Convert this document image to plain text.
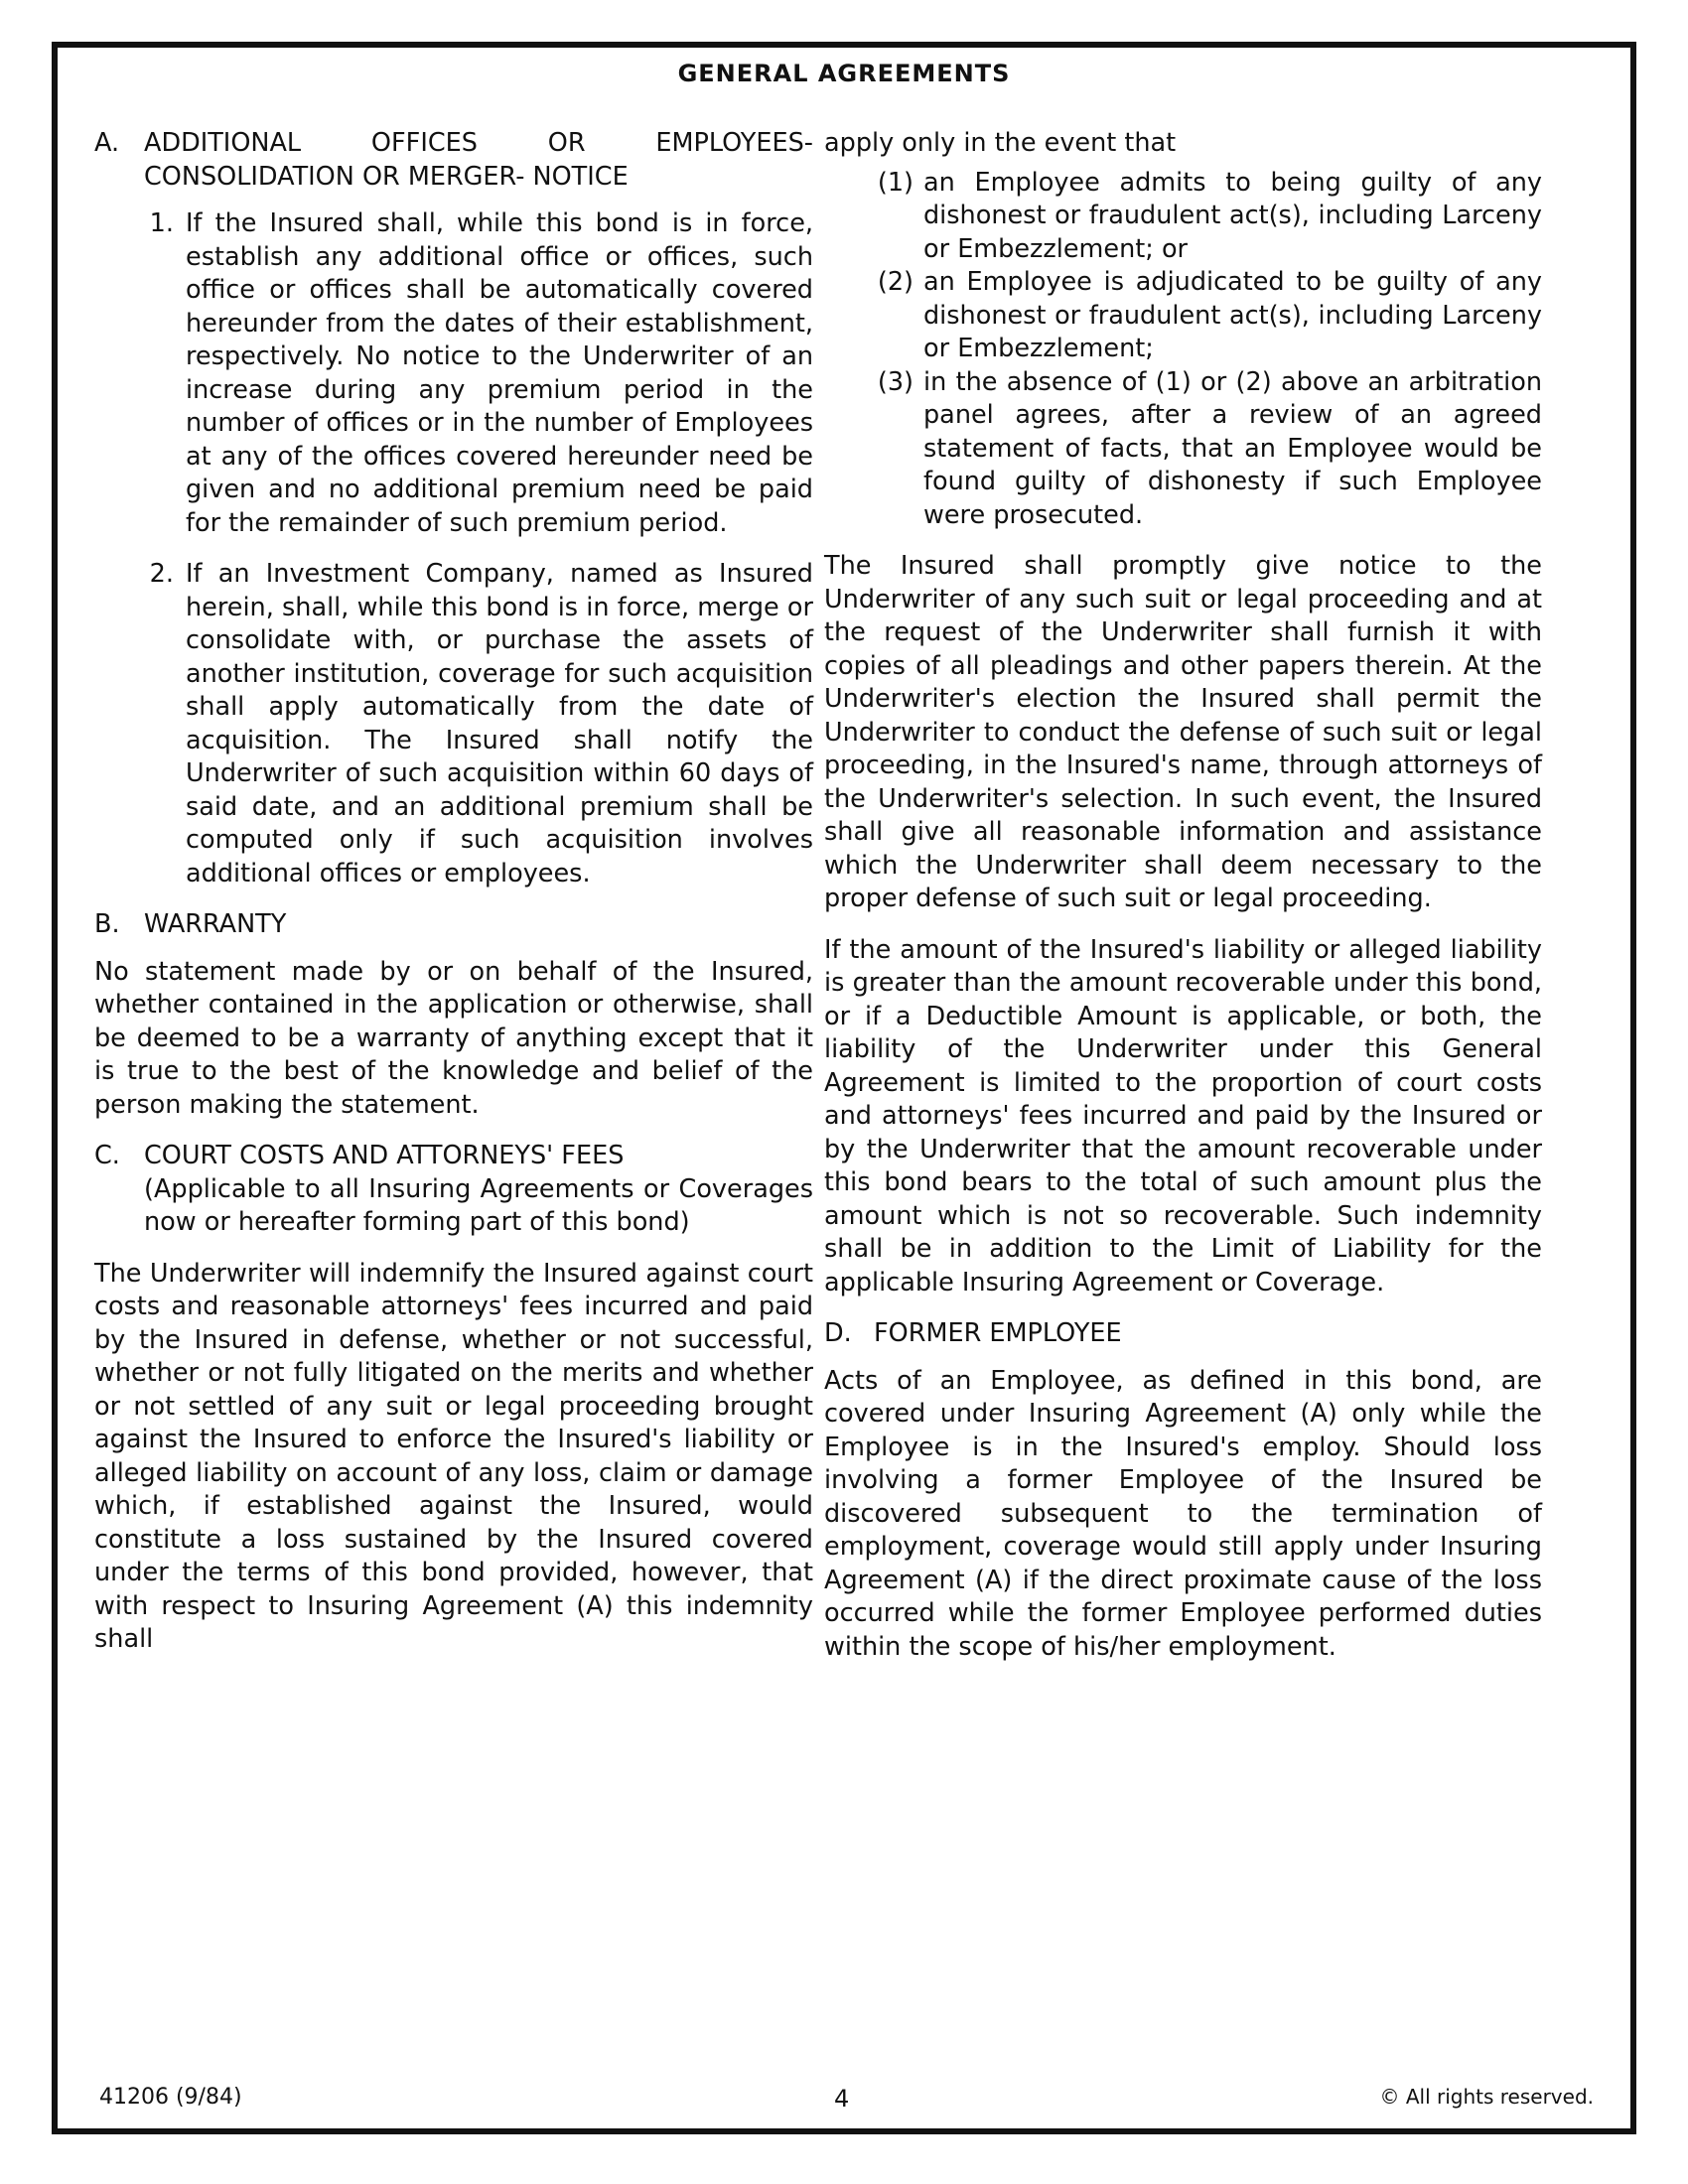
GENERAL AGREEMENTS
A. ADDITIONAL OFFICES OR EMPLOYEES- CONSOLIDATION OR MERGER- NOTICE
1. If the Insured shall, while this bond is in force, establish any additional office or offices, such office or offices shall be automatically covered hereunder from the dates of their establishment, respectively. No notice to the Underwriter of an increase during any premium period in the number of offices or in the number of Employees at any of the offices covered hereunder need be given and no additional premium need be paid for the remainder of such premium period.
2. If an Investment Company, named as Insured herein, shall, while this bond is in force, merge or consolidate with, or purchase the assets of another institution, coverage for such acquisition shall apply automatically from the date of acquisition. The Insured shall notify the Underwriter of such acquisition within 60 days of said date, and an additional premium shall be computed only if such acquisition involves additional offices or employees.
B. WARRANTY

No statement made by or on behalf of the Insured, whether contained in the application or otherwise, shall be deemed to be a warranty of anything except that it is true to the best of the knowledge and belief of the person making the statement.

C. COURT COSTS AND ATTORNEYS' FEES

(Applicable to all Insuring Agreements or Coverages now or hereafter forming part of this bond)

The Underwriter will indemnify the Insured against court costs and reasonable attorneys' fees incurred and paid by the Insured in defense, whether or not successful, whether or not fully litigated on the merits and whether or not settled of any suit or legal proceeding brought against the Insured to enforce the Insured's liability or alleged liability on account of any loss, claim or damage which, if established against the Insured, would constitute a loss sustained by the Insured covered under the terms of this bond provided, however, that with respect to Insuring Agreement (A) this indemnity shall

apply only in the event that

(1) an Employee admits to being guilty of any dishonest or fraudulent act(s), including Larceny or Embezzlement; or
(2) an Employee is adjudicated to be guilty of any dishonest or fraudulent act(s), including Larceny or Embezzlement;
(3) in the absence of (1) or (2) above an arbitration panel agrees, after a review of an agreed statement of facts, that an Employee would be found guilty of dishonesty if such Employee were prosecuted.

The Insured shall promptly give notice to the Underwriter of any such suit or legal proceeding and at the request of the Underwriter shall furnish it with copies of all pleadings and other papers therein. At the Underwriter's election the Insured shall permit the Underwriter to conduct the defense of such suit or legal proceeding, in the Insured's name, through attorneys of the Underwriter's selection. In such event, the Insured shall give all reasonable information and assistance which the Underwriter shall deem necessary to the proper defense of such suit or legal proceeding.

If the amount of the Insured's liability or alleged liability is greater than the amount recoverable under this bond, or if a Deductible Amount is applicable, or both, the liability of the Underwriter under this General Agreement is limited to the proportion of court costs and attorneys' fees incurred and paid by the Insured or by the Underwriter that the amount recoverable under this bond bears to the total of such amount plus the amount which is not so recoverable. Such indemnity shall be in addition to the Limit of Liability for the applicable Insuring Agreement or Coverage.

D. FORMER EMPLOYEE

Acts of an Employee, as defined in this bond, are covered under Insuring Agreement (A) only while the Employee is in the Insured's employ. Should loss involving a former Employee of the Insured be discovered subsequent to the termination of employment, coverage would still apply under Insuring Agreement (A) if the direct proximate cause of the loss occurred while the former Employee performed duties within the scope of his/her employment.

41206 (9/84)	4	© All rights reserved.
